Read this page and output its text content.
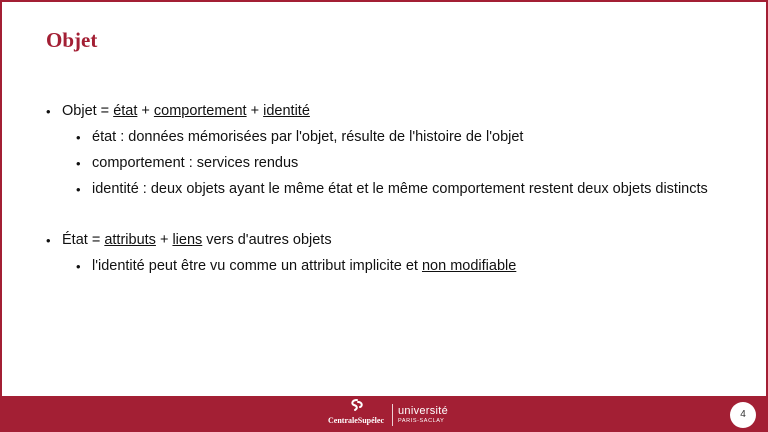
Objet
• Objet = état + comportement + identité
• état : données mémorisées par l'objet, résulte de l'histoire de l'objet
• comportement : services rendus
• identité : deux objets ayant le même état et le même comportement restent deux objets distincts
• État = attributs + liens vers d'autres objets
• l'identité peut être vu comme un attribut implicite et non modifiable
CentraleSupélec
université
PARIS-SACLAY
4
